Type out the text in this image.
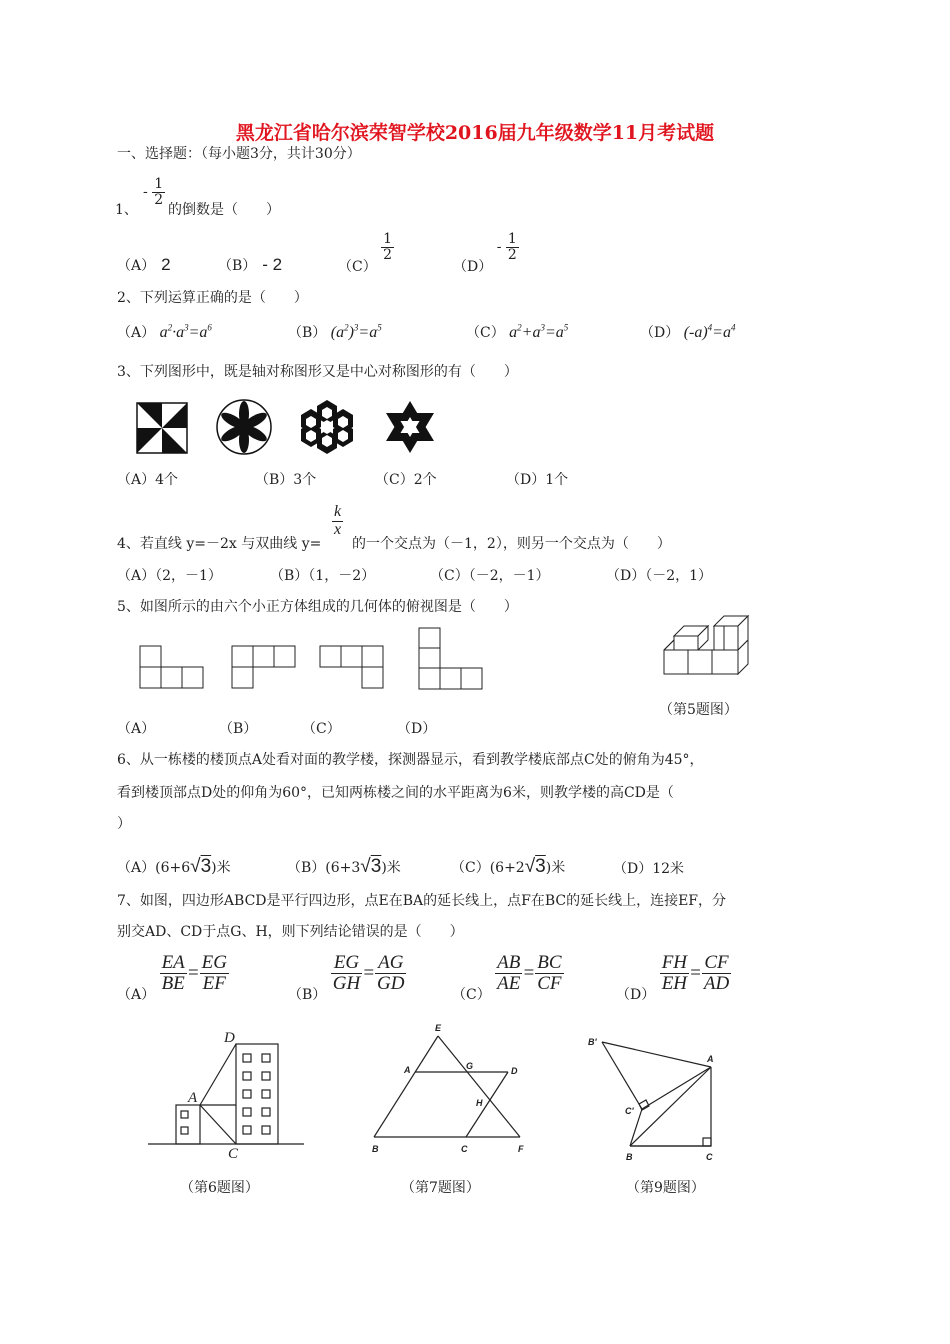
黑龙江省哈尔滨荣智学校2016届九年级数学11月考试题
一、选择题：（每小题3分，共计30分）
1、
- $\frac{1}{2}$
的倒数是（　　）
（A） 2	（B） - 2	（C）
$\frac{1}{2}$
$(D) - \frac{1}{2}$
2、下列运算正确的是（　　）
（A） $a^2\cdot a^3=a^6$	（B） $(a^2)^3=a^5$	（C） $a^2+a^3=a^5$	（D） $(-a)^4=a^4$
3、下列图形中，既是轴对称图形又是中心对称图形的有（　　）
（A）4个	（B）3个	（C）2个	（D）1个
4、若直线 y=－2x 与双曲线 y=
$\frac{k}{x}$
的一个交点为（－1，2），则另一个交点为（　　）
（A）（2，－1）	（B）（1，－2）	（C）（－2，－1）	（D）（－2，1）
5、如图所示的由六个小正方体组成的几何体的俯视图是（　　）
（A）	（B）	（C）	（D）
（第5题图）
6、从一栋楼的楼顶点A处看对面的教学楼，探测器显示，看到教学楼底部点C处的俯角为45°，
看到楼顶部点D处的仰角为60°，已知两栋楼之间的水平距离为6米，则教学楼的高CD是（
）
（A）(6+6√3)米	（B）(6+3√3)米	（C）(6+2√3)米	（D）12米
7、如图，四边形ABCD是平行四边形，点E在BA的延长线上，点F在BC的延长线上，连接EF，分
别交AD、CD于点G、H，则下列结论错误的是（　　）
（A）
$\frac{EA}{BE} = \frac{EG}{EF}$
（B）
$\frac{EG}{GH} = \frac{AG}{GD}$
（C）
$\frac{AB}{AE} = \frac{BC}{CF}$
（D）
$\frac{FH}{EH} = \frac{CF}{AD}$
D
A
C
（第6题图）
E
A	G	D
H
B	C	F
（第7题图）
B'
A
C'
B	C
（第9题图）
